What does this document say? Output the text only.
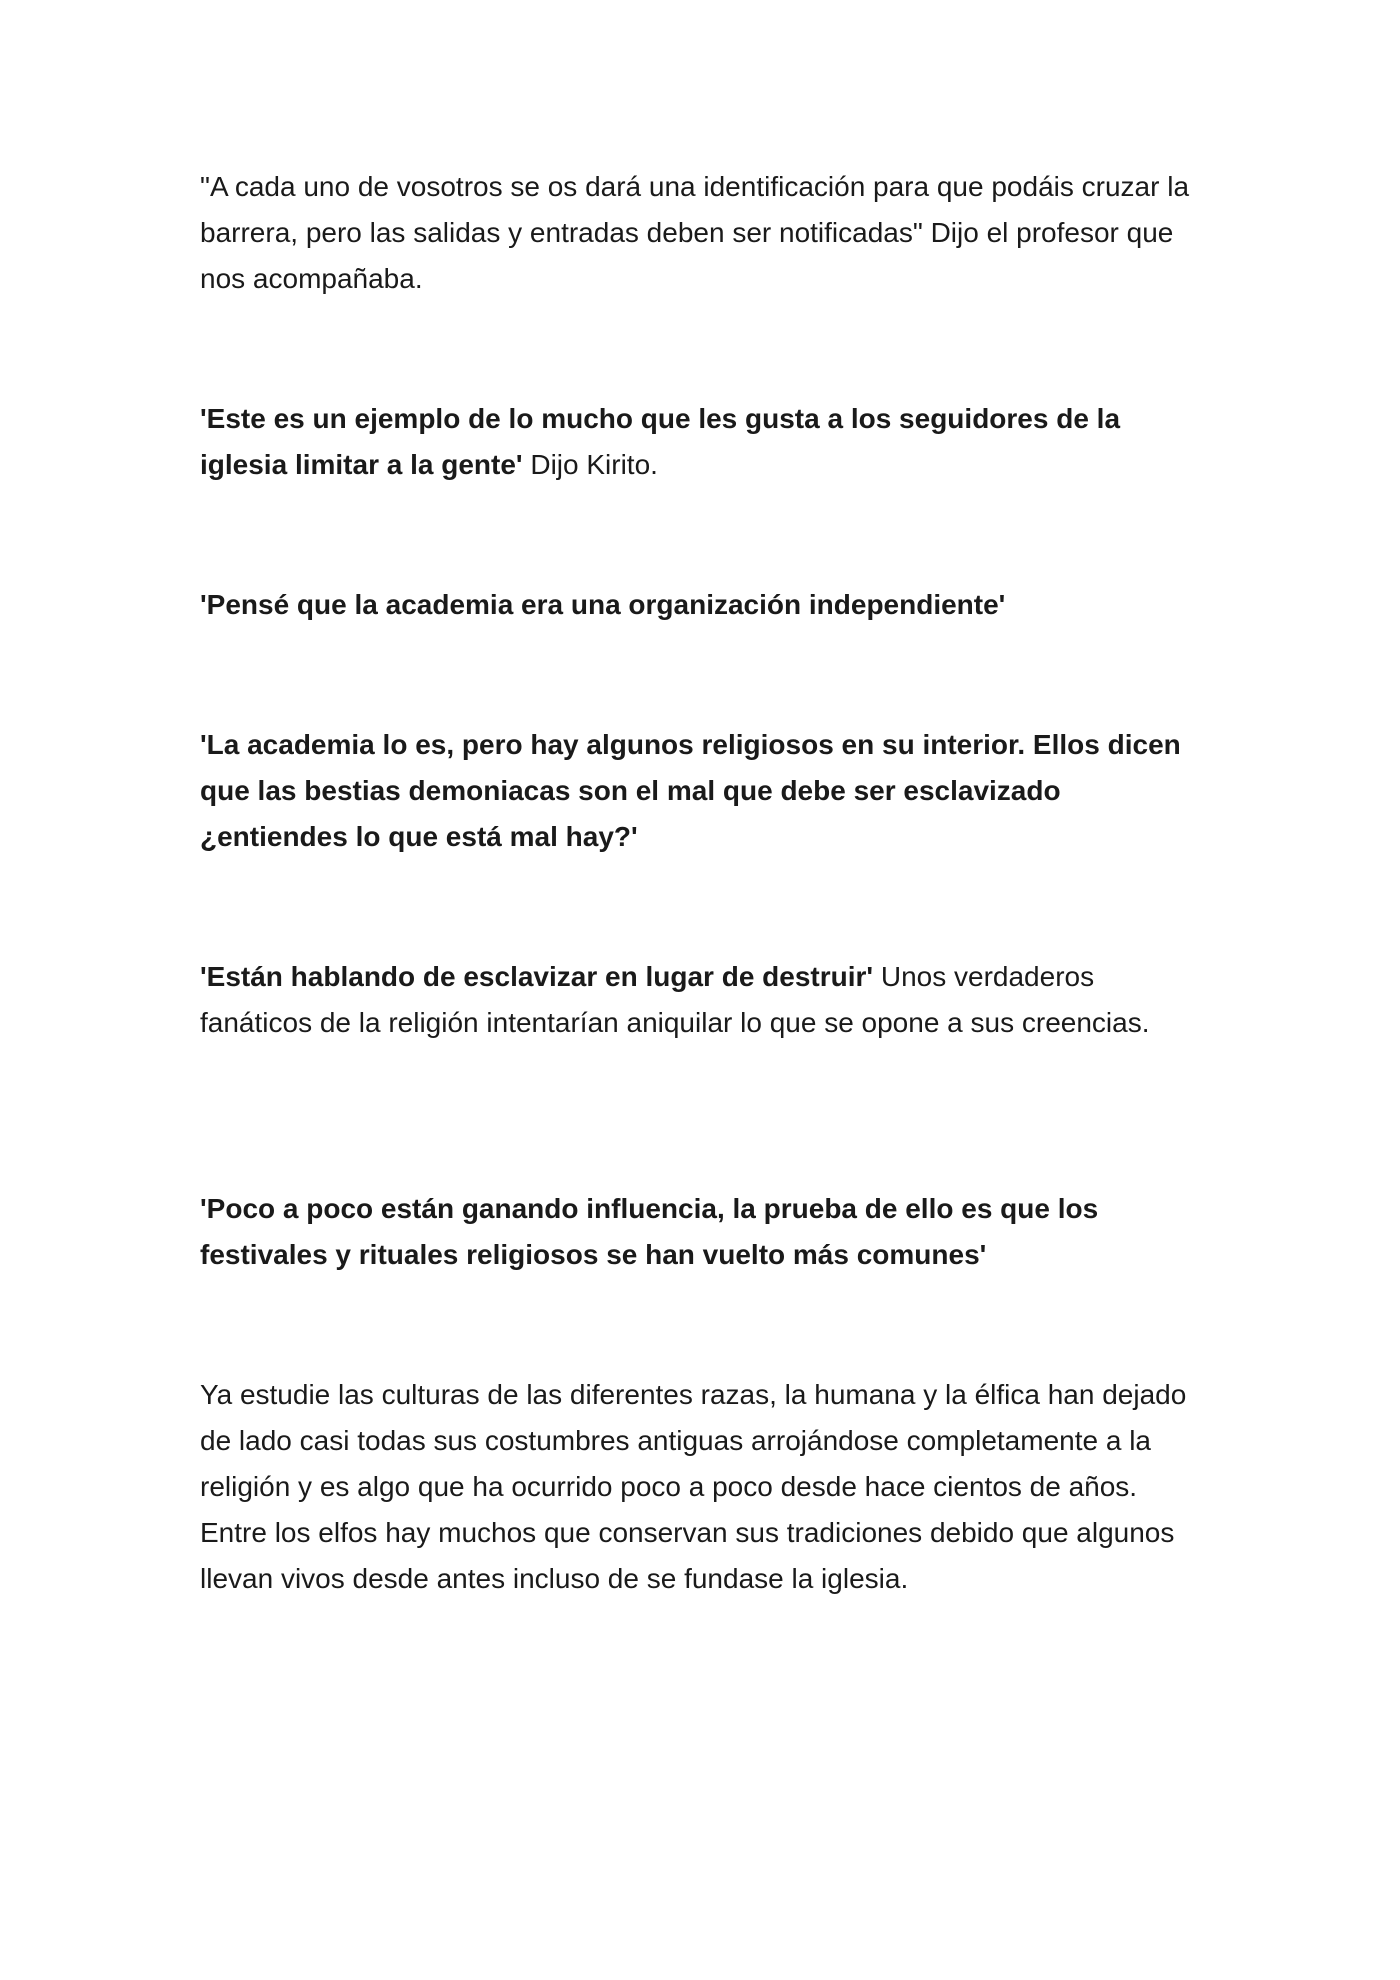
"A cada uno de vosotros se os dará una identificación para que podáis cruzar la barrera, pero las salidas y entradas deben ser notificadas" Dijo el profesor que nos acompañaba.

'Este es un ejemplo de lo mucho que les gusta a los seguidores de la iglesia limitar a la gente' Dijo Kirito.

'Pensé que la academia era una organización independiente'

'La academia lo es, pero hay algunos religiosos en su interior. Ellos dicen que las bestias demoniacas son el mal que debe ser esclavizado ¿entiendes lo que está mal hay?'

'Están hablando de esclavizar en lugar de destruir' Unos verdaderos fanáticos de la religión intentarían aniquilar lo que se opone a sus creencias.

'Poco a poco están ganando influencia, la prueba de ello es que los festivales y rituales religiosos se han vuelto más comunes'

Ya estudie las culturas de las diferentes razas, la humana y la élfica han dejado de lado casi todas sus costumbres antiguas arrojándose completamente a la religión y es algo que ha ocurrido poco a poco desde hace cientos de años. Entre los elfos hay muchos que conservan sus tradiciones debido que algunos llevan vivos desde antes incluso de se fundase la iglesia.
